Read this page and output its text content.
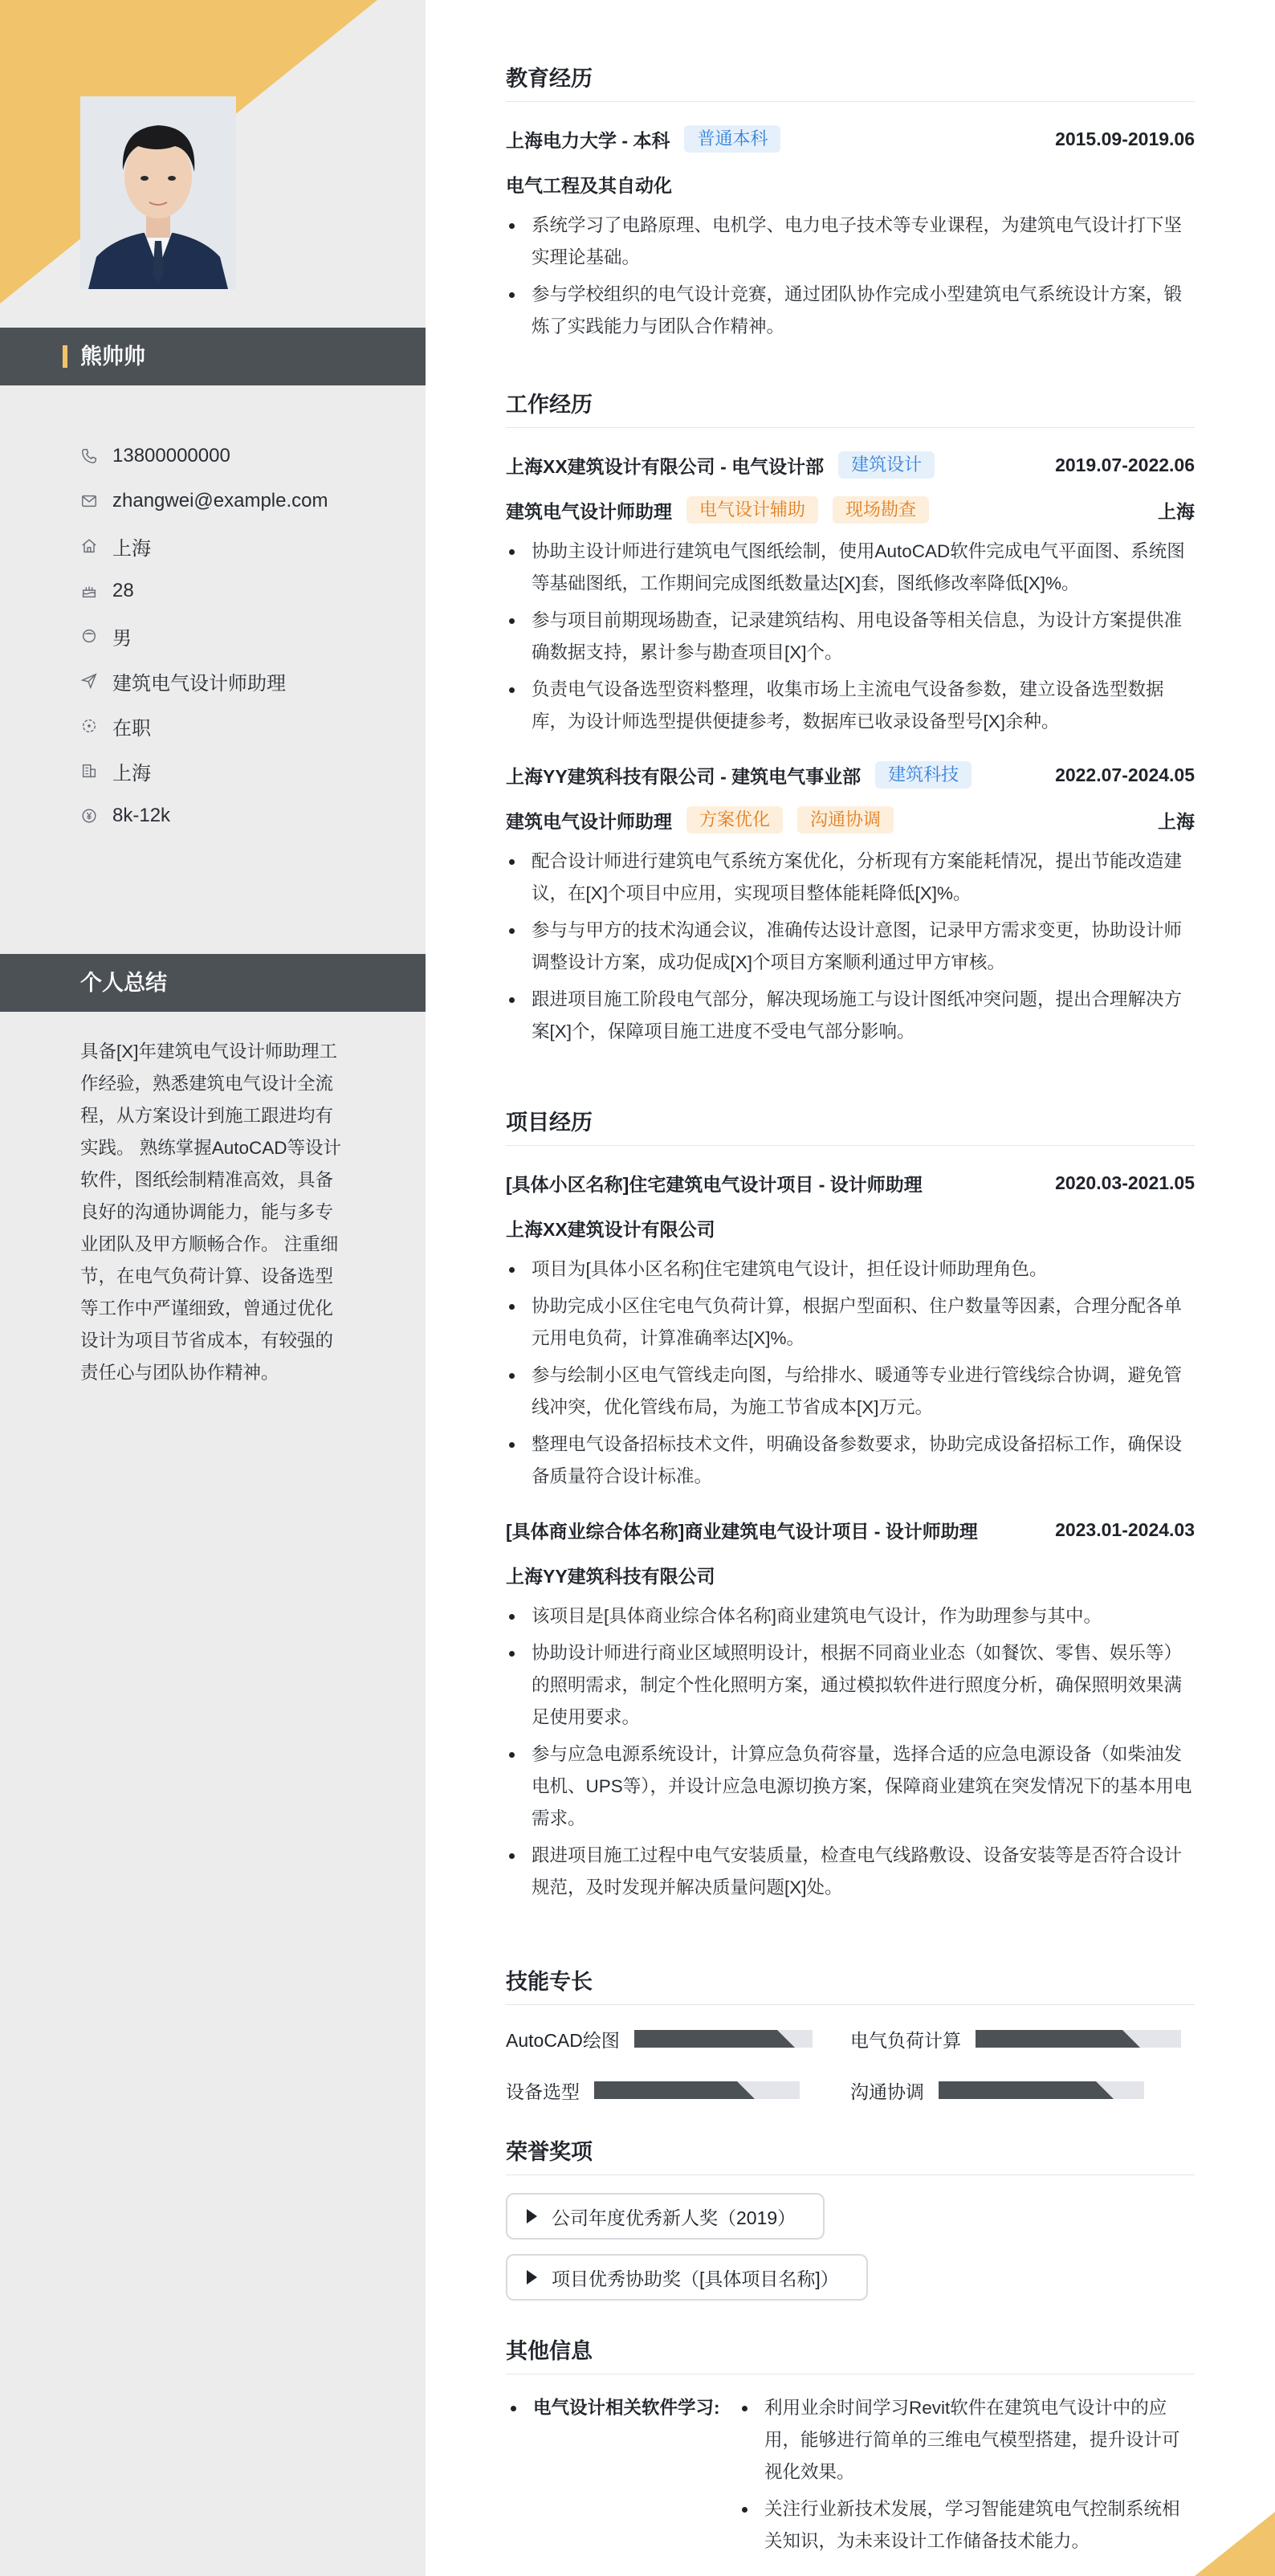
熊帅帅
13800000000
zhangwei@example.com
上海
28
男
建筑电气设计师助理
在职
上海
8k-12k
个人总结
具备[X]年建筑电气设计师助理工作经验，熟悉建筑电气设计全流程，从方案设计到施工跟进均有实践。 熟练掌握AutoCAD等设计软件，图纸绘制精准高效，具备良好的沟通协调能力，能与多专业团队及甲方顺畅合作。 注重细节，在电气负荷计算、设备选型等工作中严谨细致，曾通过优化设计为项目节省成本，有较强的责任心与团队协作精神。
教育经历
上海电力大学 - 本科	普通本科	2015.09-2019.06
电气工程及其自动化
系统学习了电路原理、电机学、电力电子技术等专业课程，为建筑电气设计打下坚实理论基础。
参与学校组织的电气设计竞赛，通过团队协作完成小型建筑电气系统设计方案，锻炼了实践能力与团队合作精神。
工作经历
上海XX建筑设计有限公司 - 电气设计部	建筑设计	2019.07-2022.06
建筑电气设计师助理	电气设计辅助	现场勘查	上海
协助主设计师进行建筑电气图纸绘制，使用AutoCAD软件完成电气平面图、系统图等基础图纸，工作期间完成图纸数量达[X]套，图纸修改率降低[X]%。
参与项目前期现场勘查，记录建筑结构、用电设备等相关信息，为设计方案提供准确数据支持，累计参与勘查项目[X]个。
负责电气设备选型资料整理，收集市场上主流电气设备参数，建立设备选型数据库，为设计师选型提供便捷参考，数据库已收录设备型号[X]余种。
上海YY建筑科技有限公司 - 建筑电气事业部	建筑科技	2022.07-2024.05
建筑电气设计师助理	方案优化	沟通协调	上海
配合设计师进行建筑电气系统方案优化，分析现有方案能耗情况，提出节能改造建议，在[X]个项目中应用，实现项目整体能耗降低[X]%。
参与与甲方的技术沟通会议，准确传达设计意图，记录甲方需求变更，协助设计师调整设计方案，成功促成[X]个项目方案顺利通过甲方审核。
跟进项目施工阶段电气部分，解决现场施工与设计图纸冲突问题，提出合理解决方案[X]个，保障项目施工进度不受电气部分影响。
项目经历
[具体小区名称]住宅建筑电气设计项目 - 设计师助理	2020.03-2021.05
上海XX建筑设计有限公司
项目为[具体小区名称]住宅建筑电气设计，担任设计师助理角色。
协助完成小区住宅电气负荷计算，根据户型面积、住户数量等因素，合理分配各单元用电负荷，计算准确率达[X]%。
参与绘制小区电气管线走向图，与给排水、暖通等专业进行管线综合协调，避免管线冲突，优化管线布局，为施工节省成本[X]万元。
整理电气设备招标技术文件，明确设备参数要求，协助完成设备招标工作，确保设备质量符合设计标准。
[具体商业综合体名称]商业建筑电气设计项目 - 设计师助理	2023.01-2024.03
上海YY建筑科技有限公司
该项目是[具体商业综合体名称]商业建筑电气设计，作为助理参与其中。
协助设计师进行商业区域照明设计，根据不同商业业态（如餐饮、零售、娱乐等）的照明需求，制定个性化照明方案，通过模拟软件进行照度分析，确保照明效果满足使用要求。
参与应急电源系统设计，计算应急负荷容量，选择合适的应急电源设备（如柴油发电机、UPS等），并设计应急电源切换方案，保障商业建筑在突发情况下的基本用电需求。
跟进项目施工过程中电气安装质量，检查电气线路敷设、设备安装等是否符合设计规范，及时发现并解决质量问题[X]处。
技能专长
AutoCAD绘图	电气负荷计算
设备选型	沟通协调
荣誉奖项
公司年度优秀新人奖（2019）

项目优秀协助奖（[具体项目名称]）
其他信息
电气设计相关软件学习:	利用业余时间学习Revit软件在建筑电气设计中的应用，能够进行简单的三维电气模型搭建，提升设计可视化效果。
关注行业新技术发展，学习智能建筑电气控制系统相关知识，为未来设计工作储备技术能力。
